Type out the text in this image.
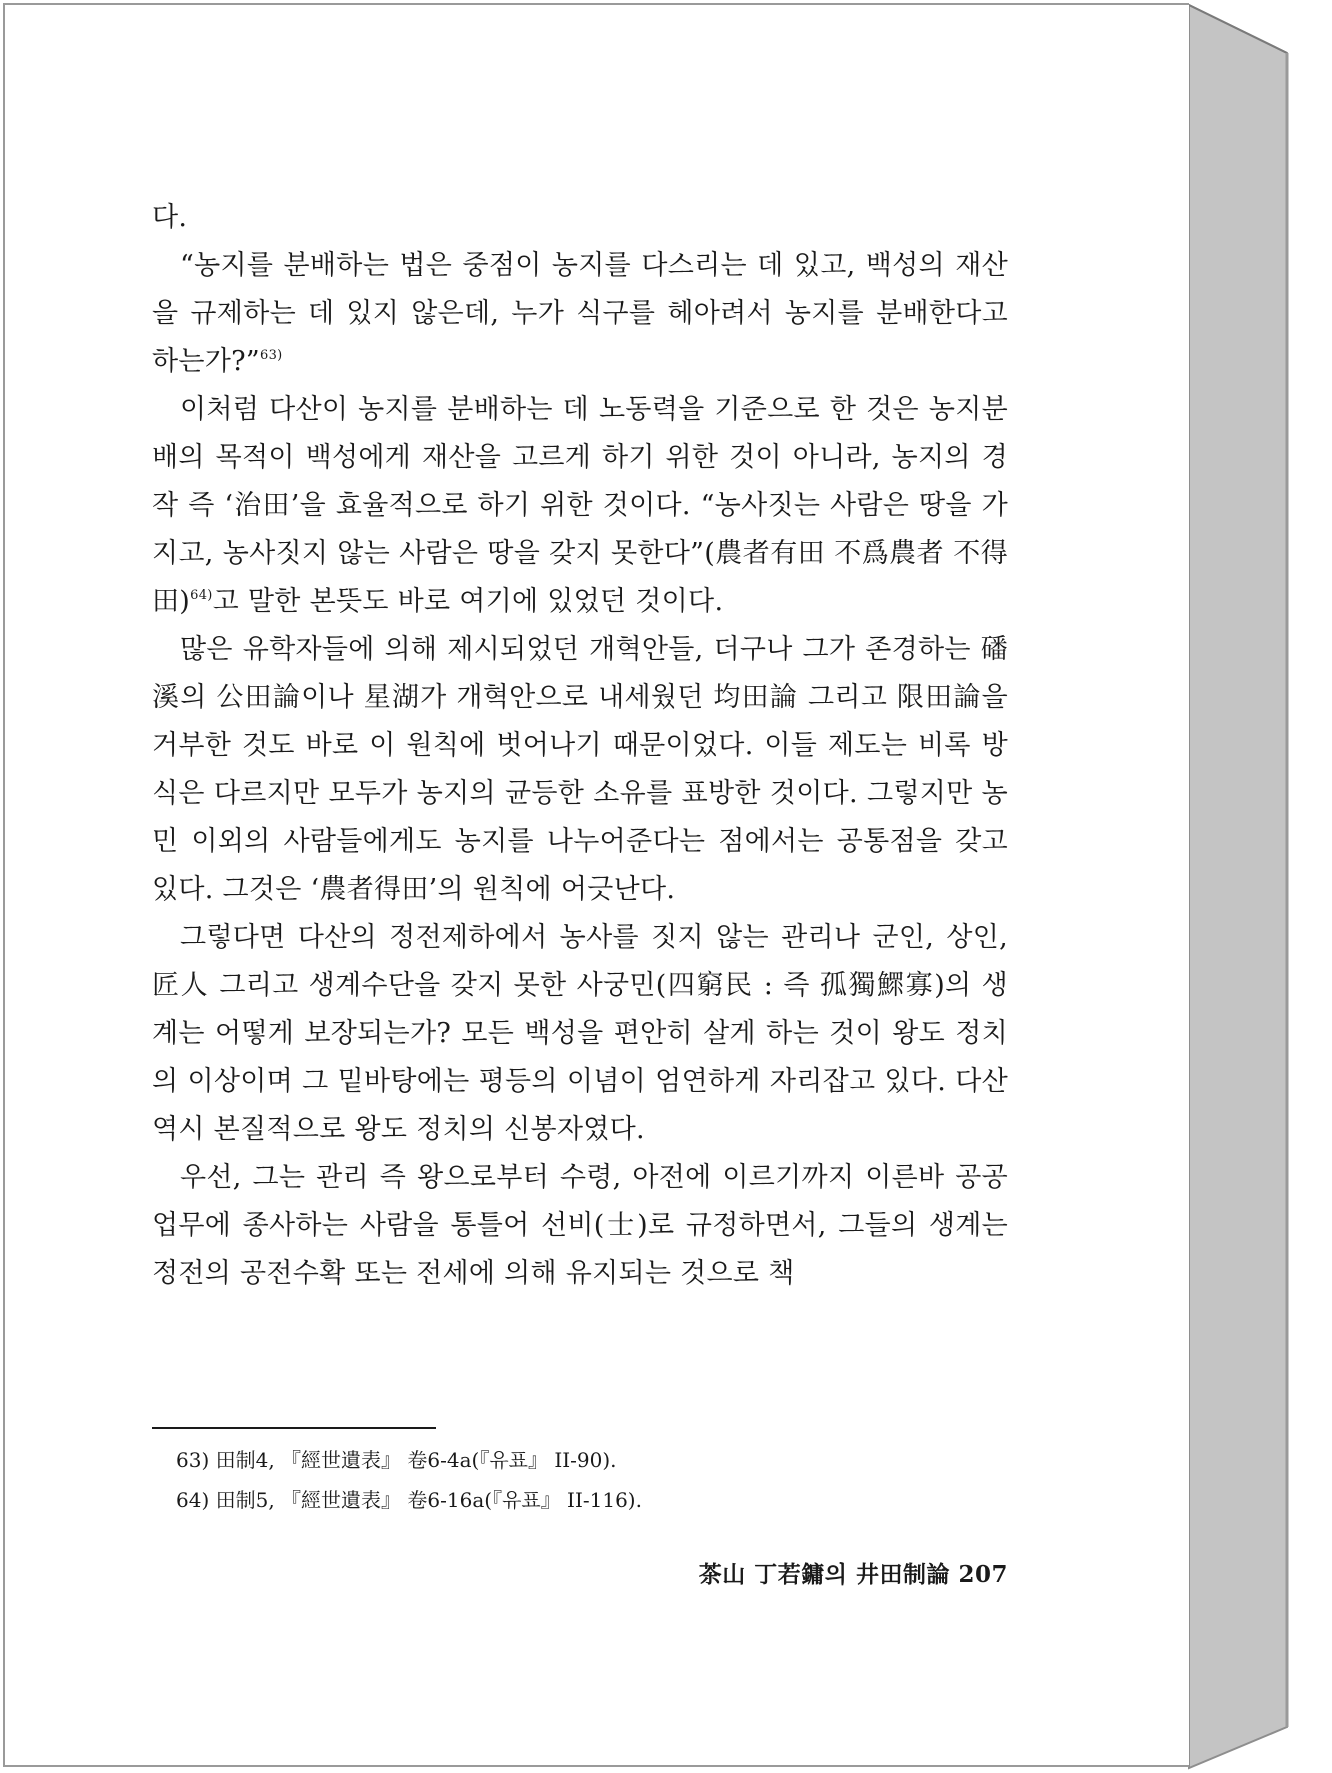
다.

“농지를 분배하는 법은 중점이 농지를 다스리는 데 있고, 백성의 재산을 규제하는 데 있지 않은데, 누가 식구를 헤아려서 농지를 분배한다고 하는가?”$^{63)}$

이처럼 다산이 농지를 분배하는 데 노동력을 기준으로 한 것은 농지분배의 목적이 백성에게 재산을 고르게 하기 위한 것이 아니라, 농지의 경작 즉 ‘治田’을 효율적으로 하기 위한 것이다. “농사짓는 사람은 땅을 가지고, 농사짓지 않는 사람은 땅을 갖지 못한다”(農者有田 不爲農者 不得田)$^{64)}$고 말한 본뜻도 바로 여기에 있었던 것이다.

많은 유학자들에 의해 제시되었던 개혁안들, 더구나 그가 존경하는 磻溪의 公田論이나 星湖가 개혁안으로 내세웠던 均田論 그리고 限田論을 거부한 것도 바로 이 원칙에 벗어나기 때문이었다. 이들 제도는 비록 방식은 다르지만 모두가 농지의 균등한 소유를 표방한 것이다. 그렇지만 농민 이외의 사람들에게도 농지를 나누어준다는 점에서는 공통점을 갖고 있다. 그것은 ‘農者得田’의 원칙에 어긋난다.

그렇다면 다산의 정전제하에서 농사를 짓지 않는 관리나 군인, 상인, 匠人 그리고 생계수단을 갖지 못한 사궁민(四窮民 : 즉 孤獨鰥寡)의 생계는 어떻게 보장되는가? 모든 백성을 편안히 살게 하는 것이 왕도 정치의 이상이며 그 밑바탕에는 평등의 이념이 엄연하게 자리잡고 있다. 다산 역시 본질적으로 왕도 정치의 신봉자였다.

우선, 그는 관리 즉 왕으로부터 수령, 아전에 이르기까지 이른바 공공업무에 종사하는 사람을 통틀어 선비(士)로 규정하면서, 그들의 생계는 정전의 공전수확 또는 전세에 의해 유지되는 것으로 책

63) 田制4, 『經世遺表』 卷6-4a(『유표』 II-90).

64) 田制5, 『經世遺表』 卷6-16a(『유표』 II-116).

茶山 丁若鏞의 井田制論 207
